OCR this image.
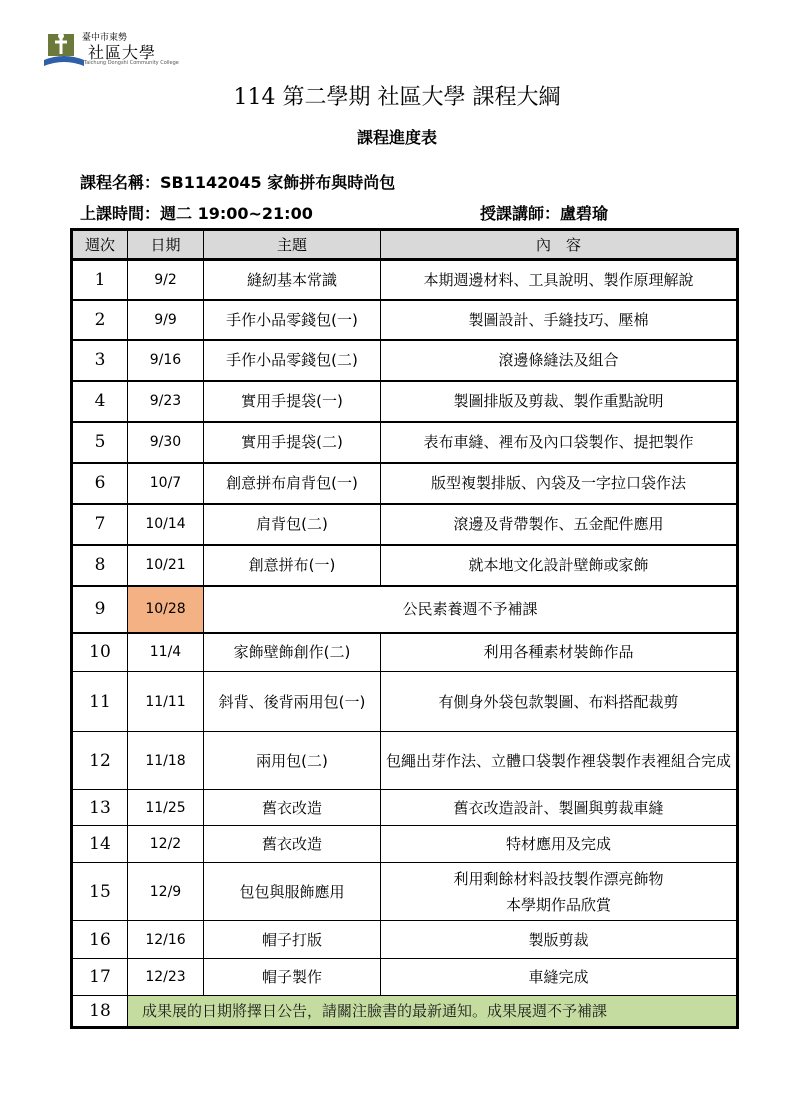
臺中市東勢
社區大學
Taichung Dongshi Community College
114 第二學期 社區大學 課程大綱
課程進度表
課程名稱：SB1142045 家飾拼布與時尚包
上課時間：週二 19:00~21:00	授課講師：盧碧瑜
週次	日期	主題	內　容
1	9/2	縫紉基本常識	本期週邊材料、工具說明、製作原理解說
2	9/9	手作小品零錢包(一)	製圖設計、手縫技巧、壓棉
3	9/16	手作小品零錢包(二)	滾邊條縫法及組合
4	9/23	實用手提袋(一)	製圖排版及剪裁、製作重點說明
5	9/30	實用手提袋(二)	表布車縫、裡布及內口袋製作、提把製作
6	10/7	創意拼布肩背包(一)	版型複製排版、內袋及一字拉口袋作法
7	10/14	肩背包(二)	滾邊及背帶製作、五金配件應用
8	10/21	創意拼布(一)	就本地文化設計壁飾或家飾
9	10/28	公民素養週不予補課	
10	11/4	家飾壁飾創作(二)	利用各種素材裝飾作品
11	11/11	斜背、後背兩用包(一)	有側身外袋包款製圖、布料搭配裁剪
12	11/18	兩用包(二)	包繩出芽作法、立體口袋製作裡袋製作表裡組合完成
13	11/25	舊衣改造	舊衣改造設計、製圖與剪裁車縫
14	12/2	舊衣改造	特材應用及完成
15	12/9	包包與服飾應用	利用剩餘材料設技製作漂亮飾物
本學期作品欣賞

16	12/16	帽子打版	製版剪裁
17	12/23	帽子製作	車縫完成
18	成果展的日期將擇日公告，請關注臉書的最新通知。成果展週不予補課		
